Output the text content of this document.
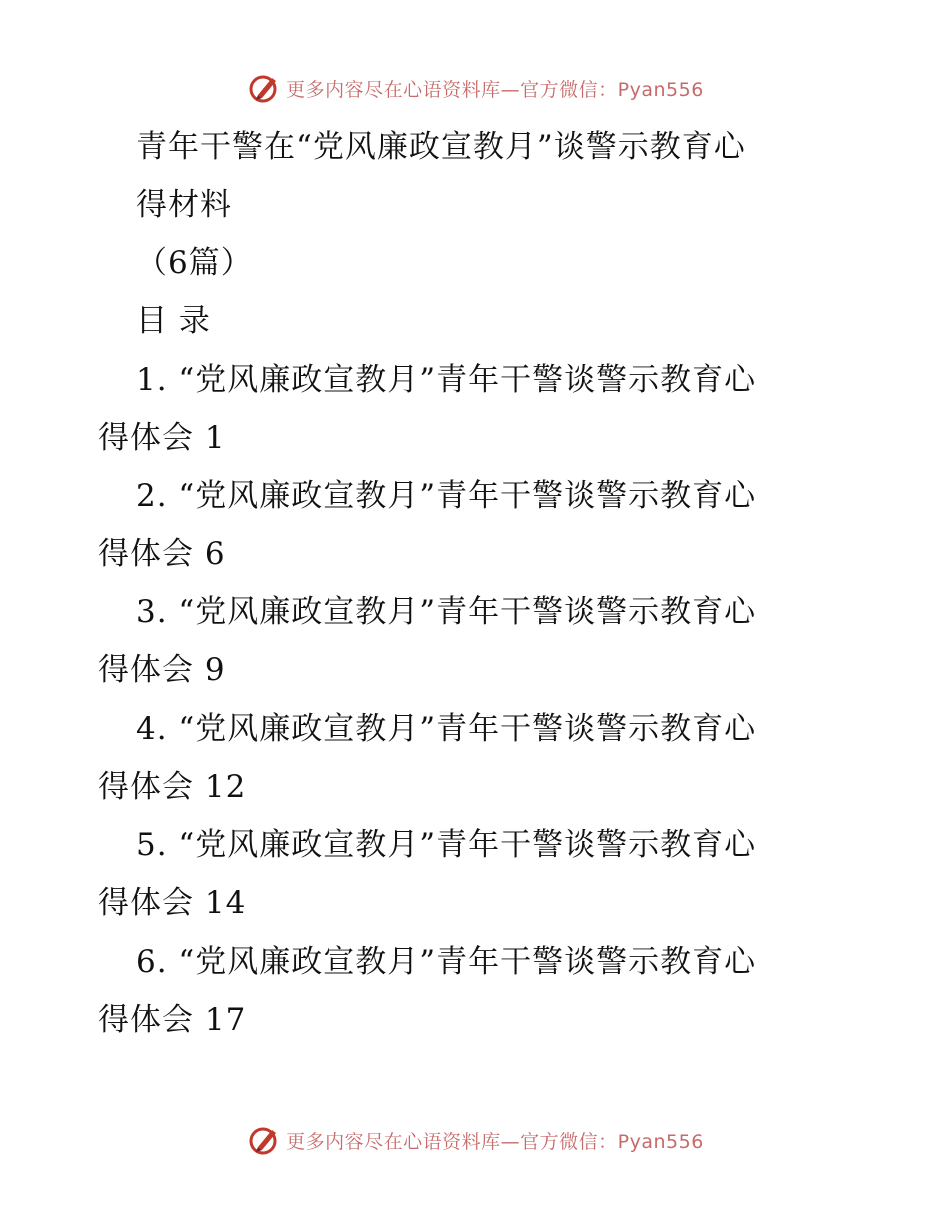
更多内容尽在心语资料库—官方微信：Pyan556
青年干警在“党风廉政宣教月”谈警示教育心
得材料
（6篇）
目 录
1. “党风廉政宣教月”青年干警谈警示教育心
得体会 1
2. “党风廉政宣教月”青年干警谈警示教育心
得体会 6
3. “党风廉政宣教月”青年干警谈警示教育心
得体会 9
4. “党风廉政宣教月”青年干警谈警示教育心
得体会 12
5. “党风廉政宣教月”青年干警谈警示教育心
得体会 14
6. “党风廉政宣教月”青年干警谈警示教育心
得体会 17
更多内容尽在心语资料库—官方微信：Pyan556
